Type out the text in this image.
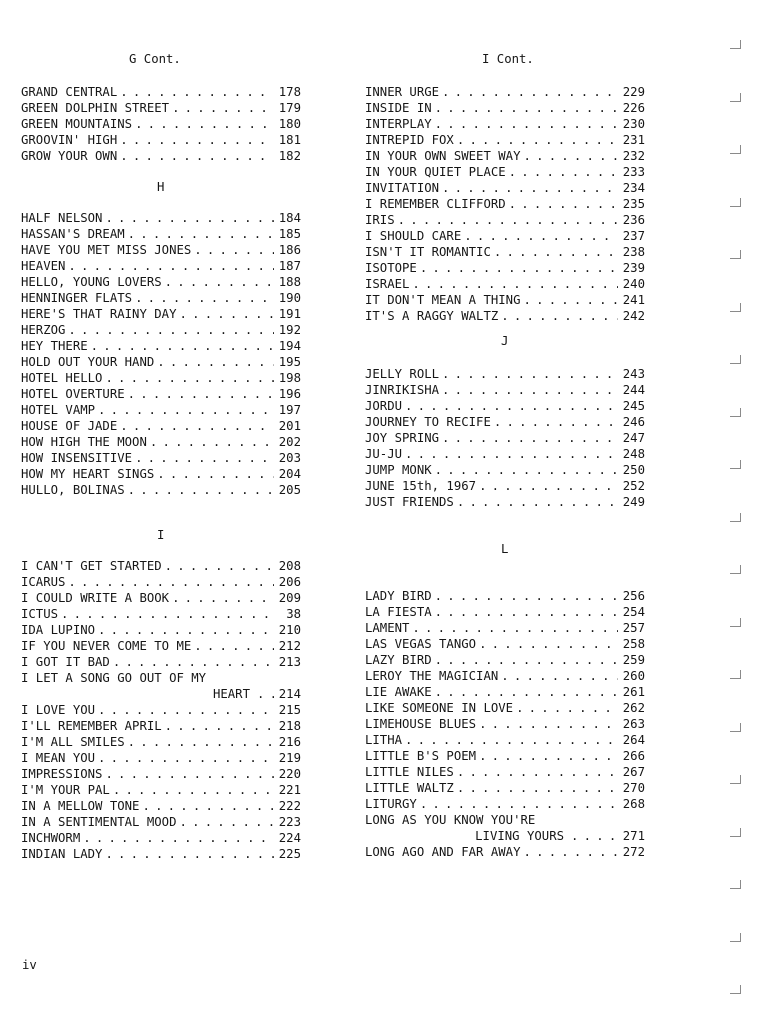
G Cont.
GRAND CENTRAL . . .	178
GREEN DOLPHIN STREET . . .	179
GREEN MOUNTAINS . . .	180
GROOVIN' HIGH . . .	181
GROW YOUR OWN . . .	182
H
HALF NELSON . . .	184
HASSAN'S DREAM . . .	185
HAVE YOU MET MISS JONES . . .	186
HEAVEN . . .	187
HELLO, YOUNG LOVERS . . .	188
HENNINGER FLATS . . .	190
HERE'S THAT RAINY DAY . . .	191
HERZOG . . .	192
HEY THERE . . .	194
HOLD OUT YOUR HAND . . .	195
HOTEL HELLO . . .	198
HOTEL OVERTURE . . .	196
HOTEL VAMP . . .	197
HOUSE OF JADE . . .	201
HOW HIGH THE MOON . . .	202
HOW INSENSITIVE . . .	203
HOW MY HEART SINGS . . .	204
HULLO, BOLINAS . . .	205
I
I CAN'T GET STARTED . . .	208
ICARUS . . .	206
I COULD WRITE A BOOK . . .	209
ICTUS . . .	38
IDA LUPINO . . .	210
IF YOU NEVER COME TO ME . . .	212
I GOT IT BAD . . .	213
I LET A SONG GO OUT OF MY
HEART . . .	214
I LOVE YOU . . .	215
I'LL REMEMBER APRIL . . .	218
I'M ALL SMILES . . .	216
I MEAN YOU . . .	219
IMPRESSIONS . . .	220
I'M YOUR PAL . . .	221
IN A MELLOW TONE . . .	222
IN A SENTIMENTAL MOOD . . .	223
INCHWORM . . .	224
INDIAN LADY . . .	225
I Cont.
INNER URGE . . .	229
INSIDE IN . . .	226
INTERPLAY . . .	230
INTREPID FOX . . .	231
IN YOUR OWN SWEET WAY . . .	232
IN YOUR QUIET PLACE . . .	233
INVITATION . . .	234
I REMEMBER CLIFFORD . . .	235
IRIS . . .	236
I SHOULD CARE . . .	237
ISN'T IT ROMANTIC . . .	238
ISOTOPE . . .	239
ISRAEL . . .	240
IT DON'T MEAN A THING . . .	241
IT'S A RAGGY WALTZ . . .	242
J
JELLY ROLL . . .	243
JINRIKISHA . . .	244
JORDU . . .	245
JOURNEY TO RECIFE . . .	246
JOY SPRING . . .	247
JU-JU . . .	248
JUMP MONK . . .	250
JUNE 15th, 1967 . . .	252
JUST FRIENDS . . .	249
L
LADY BIRD . . .	256
LA FIESTA . . .	254
LAMENT . . .	257
LAS VEGAS TANGO . . .	258
LAZY BIRD . . .	259
LEROY THE MAGICIAN . . .	260
LIE AWAKE . . .	261
LIKE SOMEONE IN LOVE . . .	262
LIMEHOUSE BLUES . . .	263
LITHA . . .	264
LITTLE B'S POEM . . .	266
LITTLE NILES . . .	267
LITTLE WALTZ . . .	270
LITURGY . . .	268
LONG AS YOU KNOW YOU'RE
LIVING YOURS . . .	271
LONG AGO AND FAR AWAY . . .	272
iv
